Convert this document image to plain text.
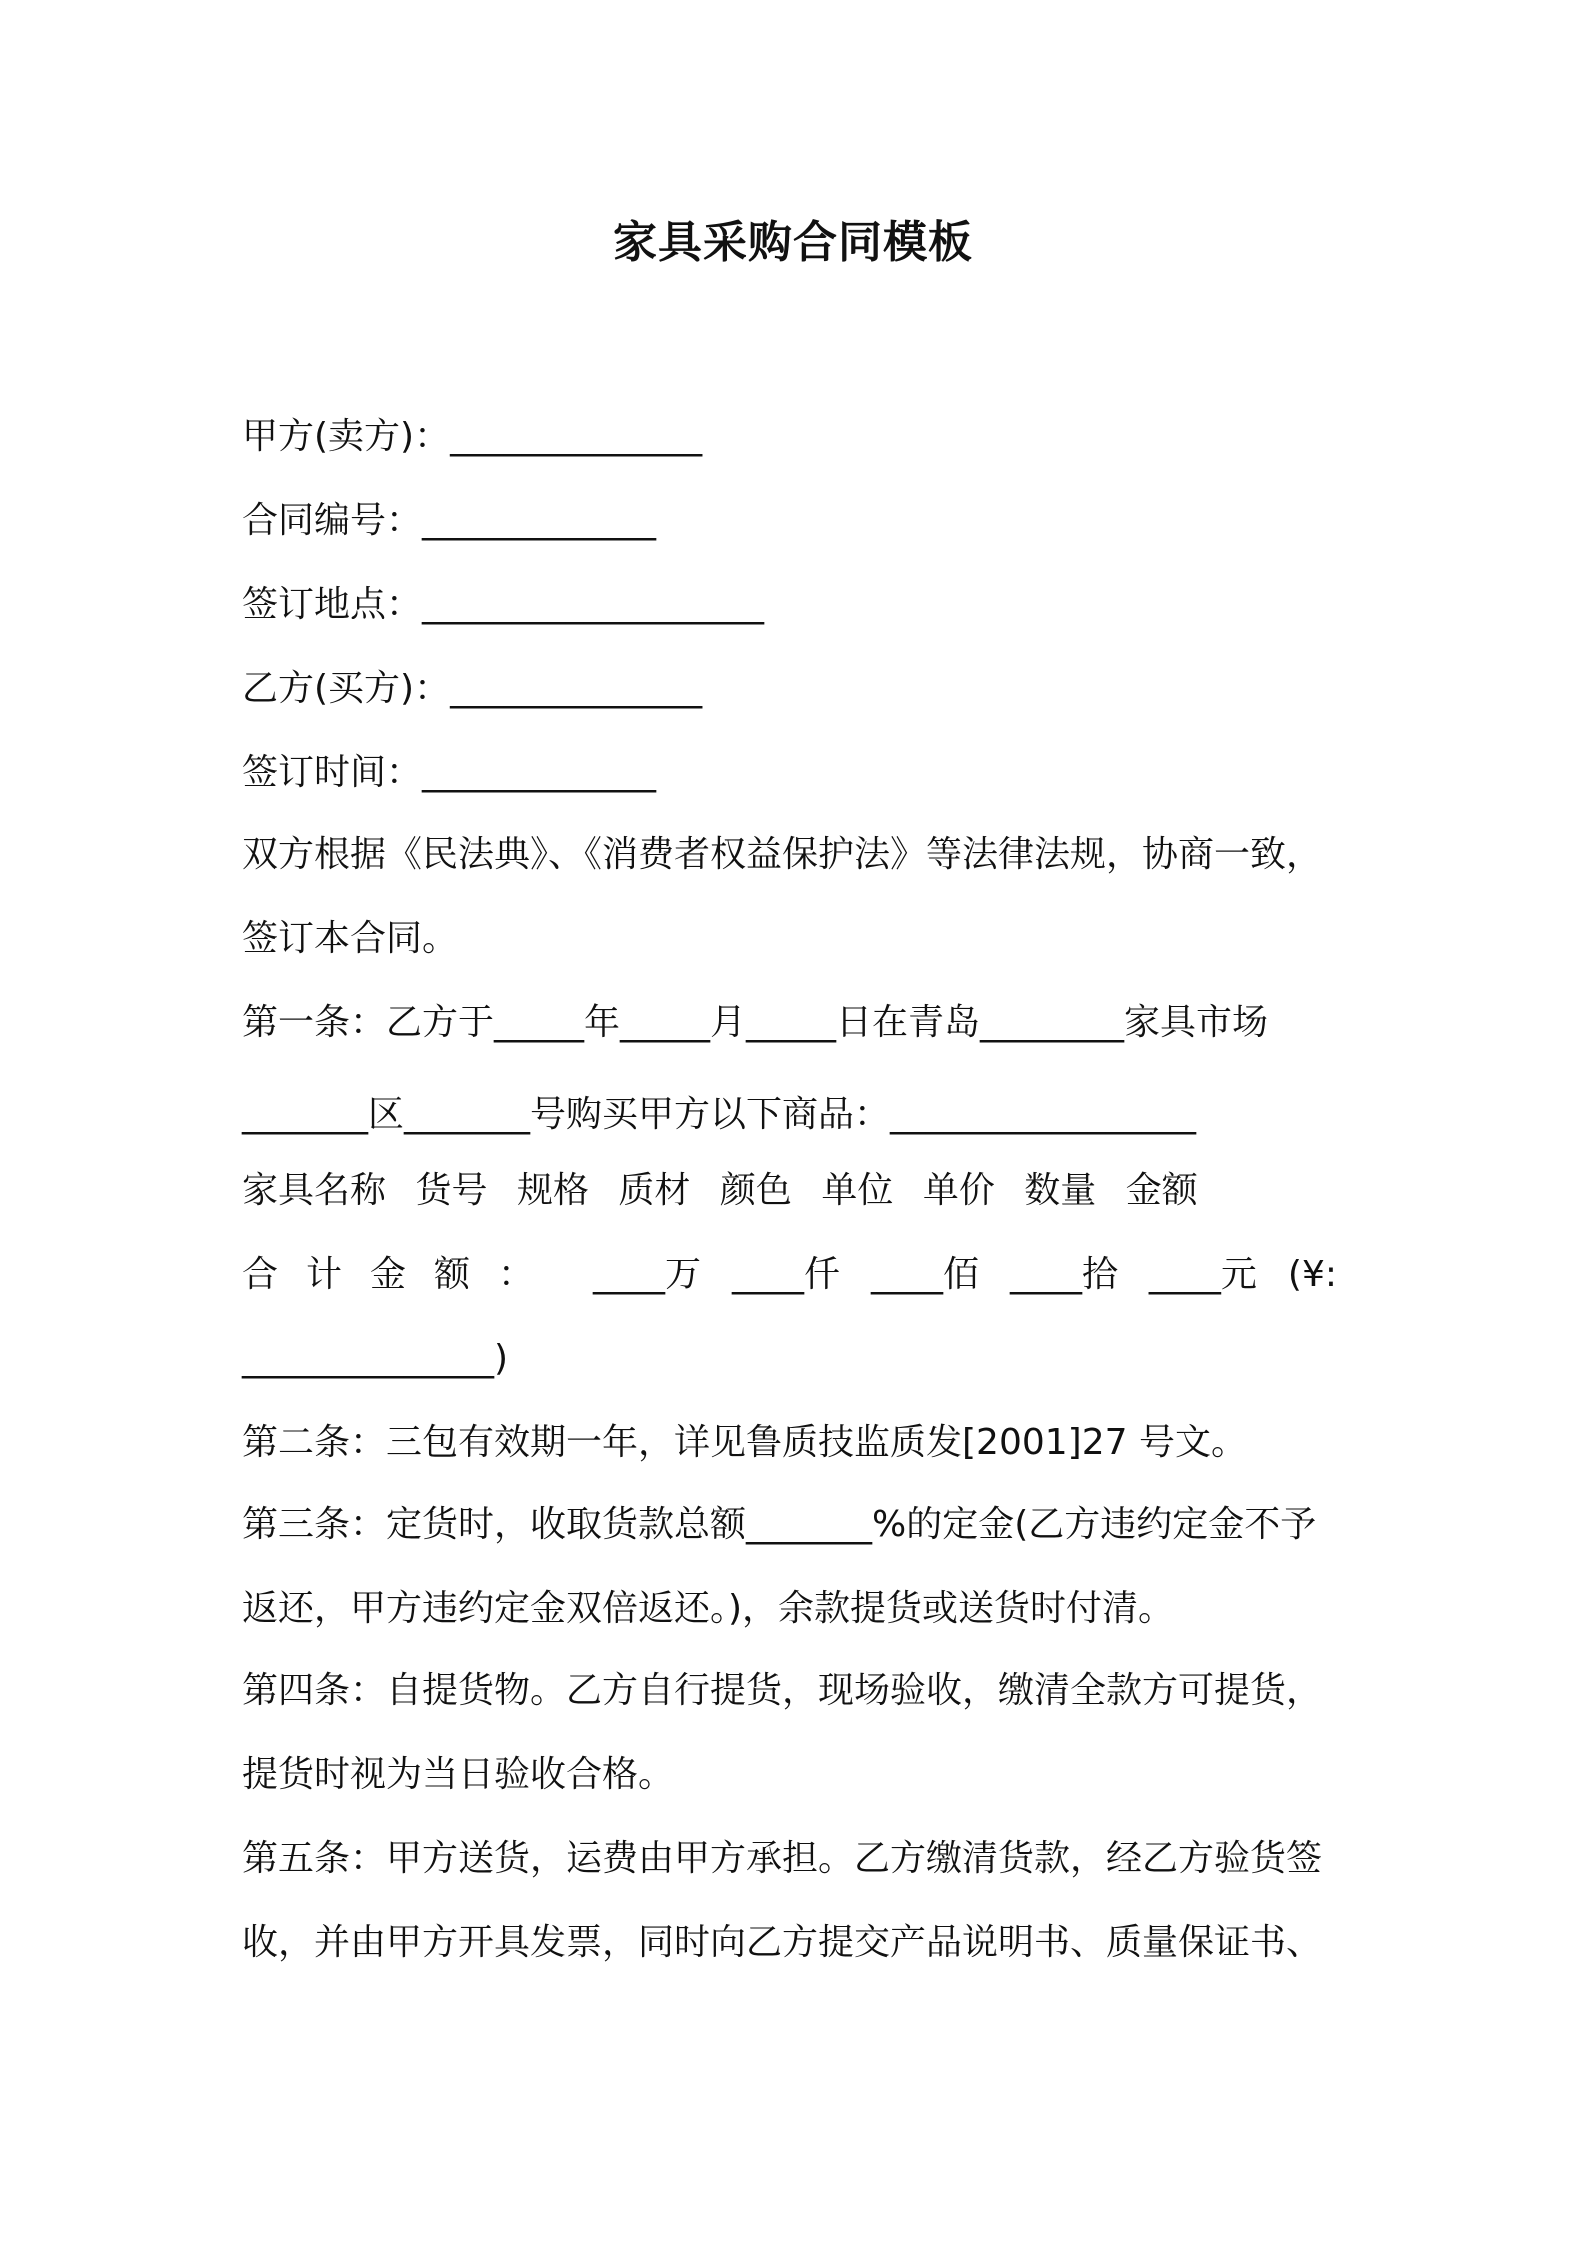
家具采购合同模板
甲方(卖方)：______________
合同编号：_____________
签订地点：___________________
乙方(买方)：______________
签订时间：_____________
双方根据《民法典》、《消费者权益保护法》等法律法规，协商一致，
签订本合同。
第一条：乙方于_____年_____月_____日在青岛________家具市场
_______区_______号购买甲方以下商品：_________________
家具名称 货号 规格 质材 颜色 单位 单价 数量 金额
合计金额： ____万 ____仟 ____佰 ____拾 ____元 (¥:
______________)
第二条：三包有效期一年，详见鲁质技监质发[2001]27 号文。
第三条：定货时，收取货款总额_______%的定金(乙方违约定金不予
返还，甲方违约定金双倍返还。)，余款提货或送货时付清。
第四条：自提货物。乙方自行提货，现场验收，缴清全款方可提货，
提货时视为当日验收合格。
第五条：甲方送货，运费由甲方承担。乙方缴清货款，经乙方验货签
收，并由甲方开具发票，同时向乙方提交产品说明书、质量保证书、
